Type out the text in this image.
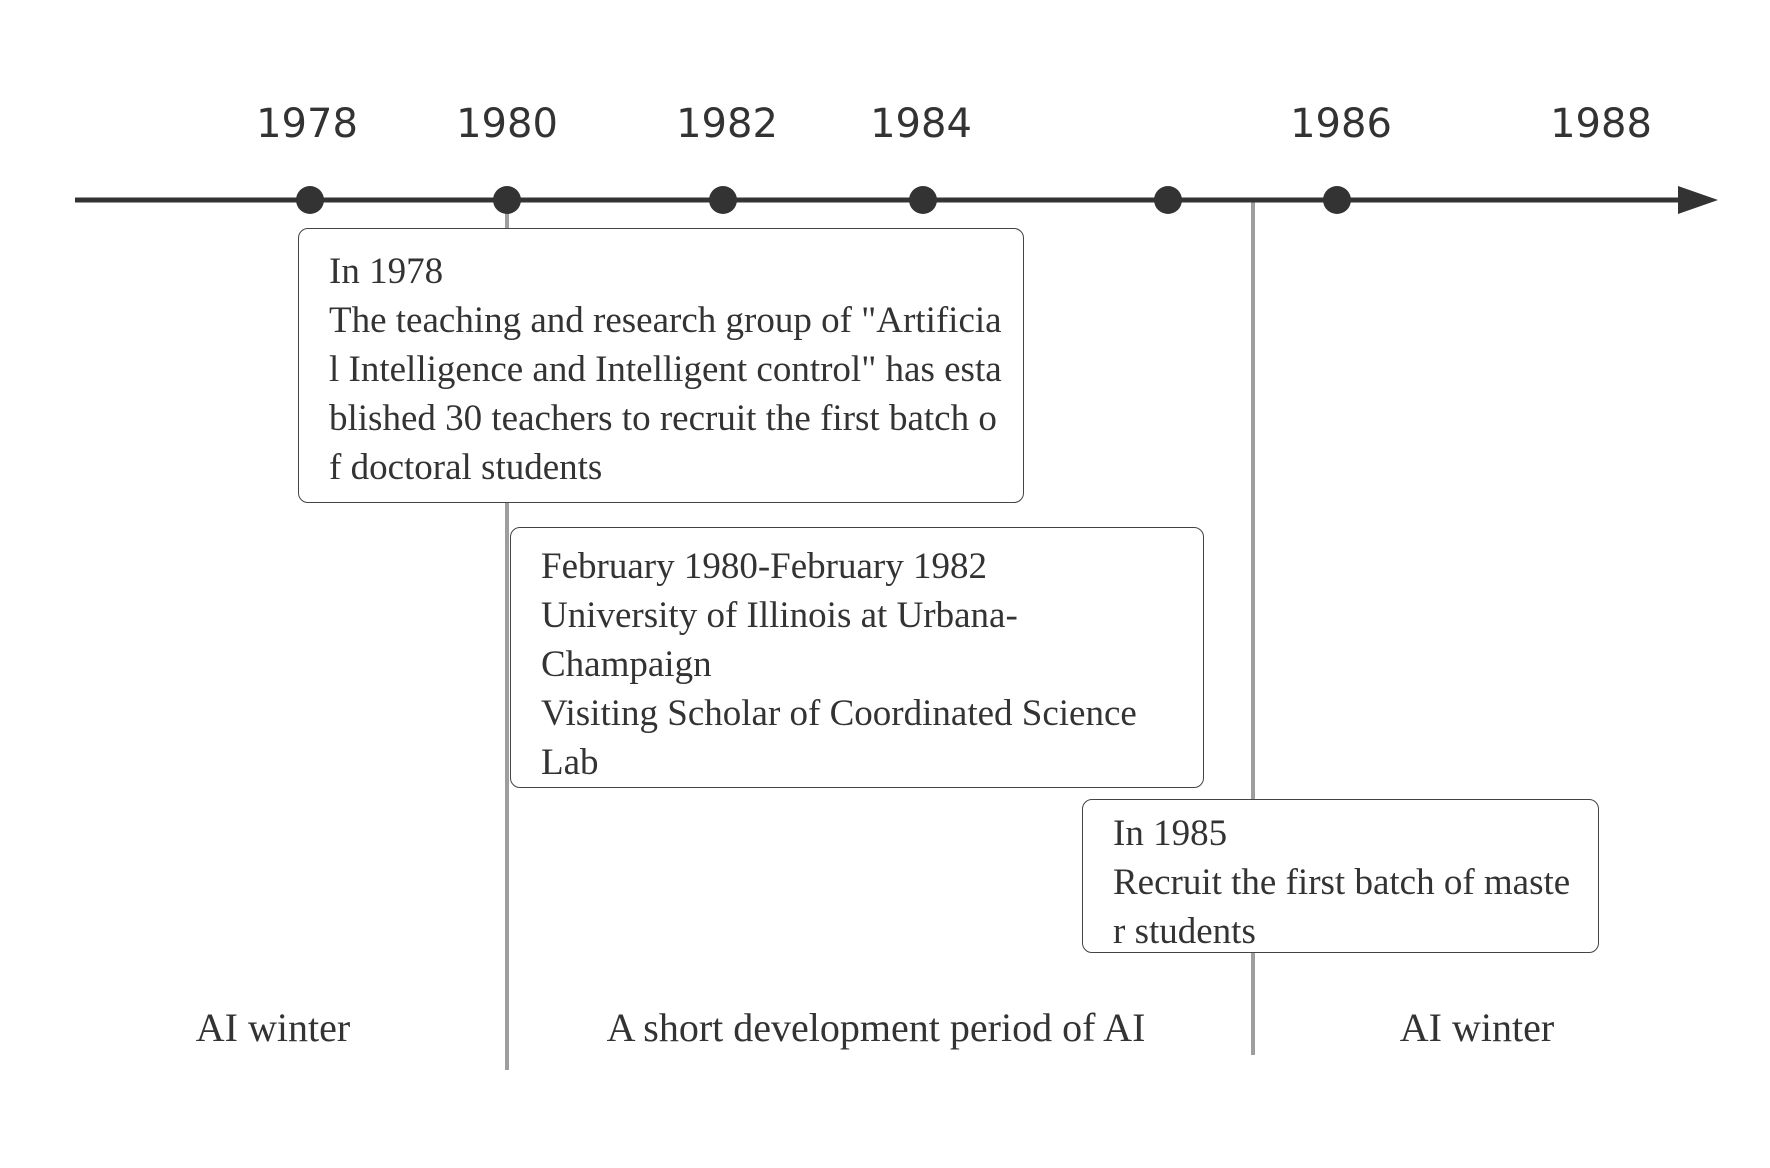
1978 1980	1982 1984	1986	1988
In 1978
The teaching and research group of "Artificial Intelligence and Intelligent control" has established 30 teachers to recruit the first batch of doctoral students
February 1980-February 1982
University of Illinois at Urbana-
Champaign
Visiting Scholar of Coordinated Science
Lab
In 1985
Recruit the first batch of master students
AI winter	A short development period of AI	AI winter
